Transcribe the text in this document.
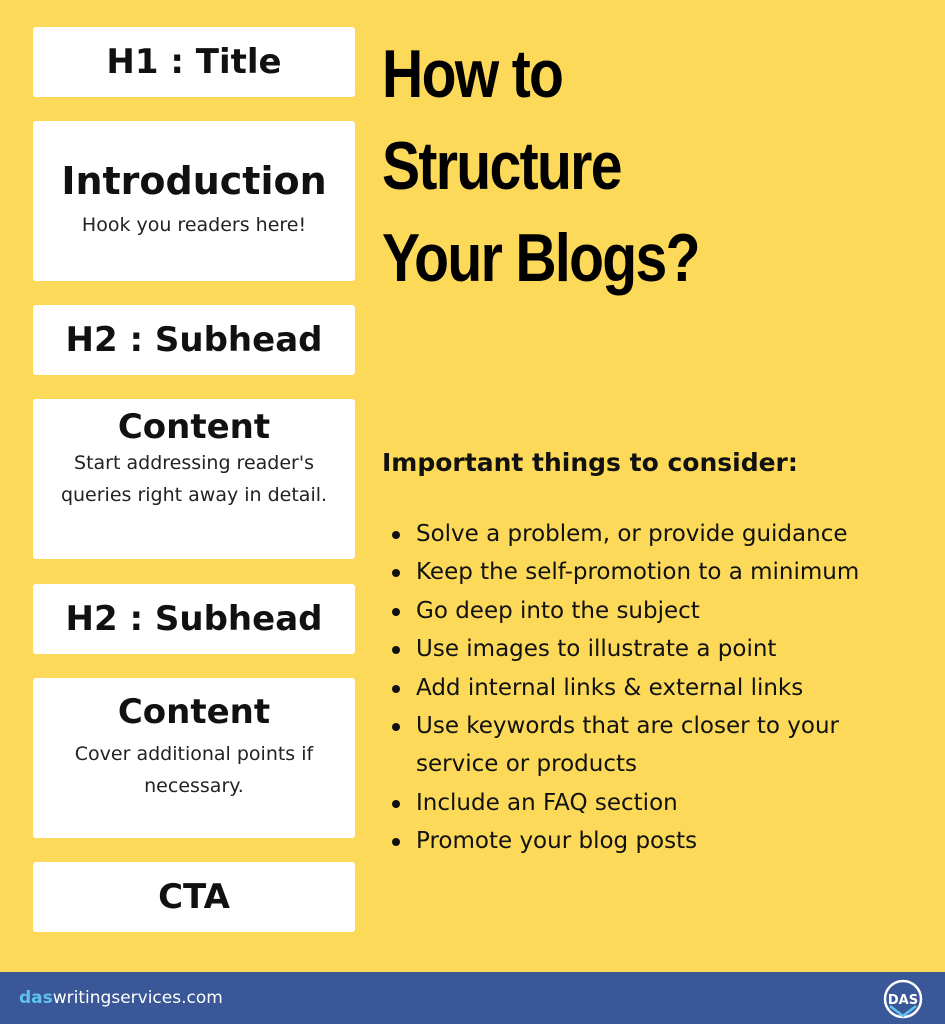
H1 : Title
Introduction
Hook you readers here!
H2 : Subhead
Content
Start addressing reader's queries right away in detail.
H2 : Subhead
Content
Cover additional points if necessary.
CTA
How to
Structure
Your Blogs?
Important things to consider:
Solve a problem, or provide guidance
Keep the self-promotion to a minimum
Go deep into the subject
Use images to illustrate a point
Add internal links & external links
Use keywords that are closer to your service or products
Include an FAQ section
Promote your blog posts
daswritingservices.com	DAS
